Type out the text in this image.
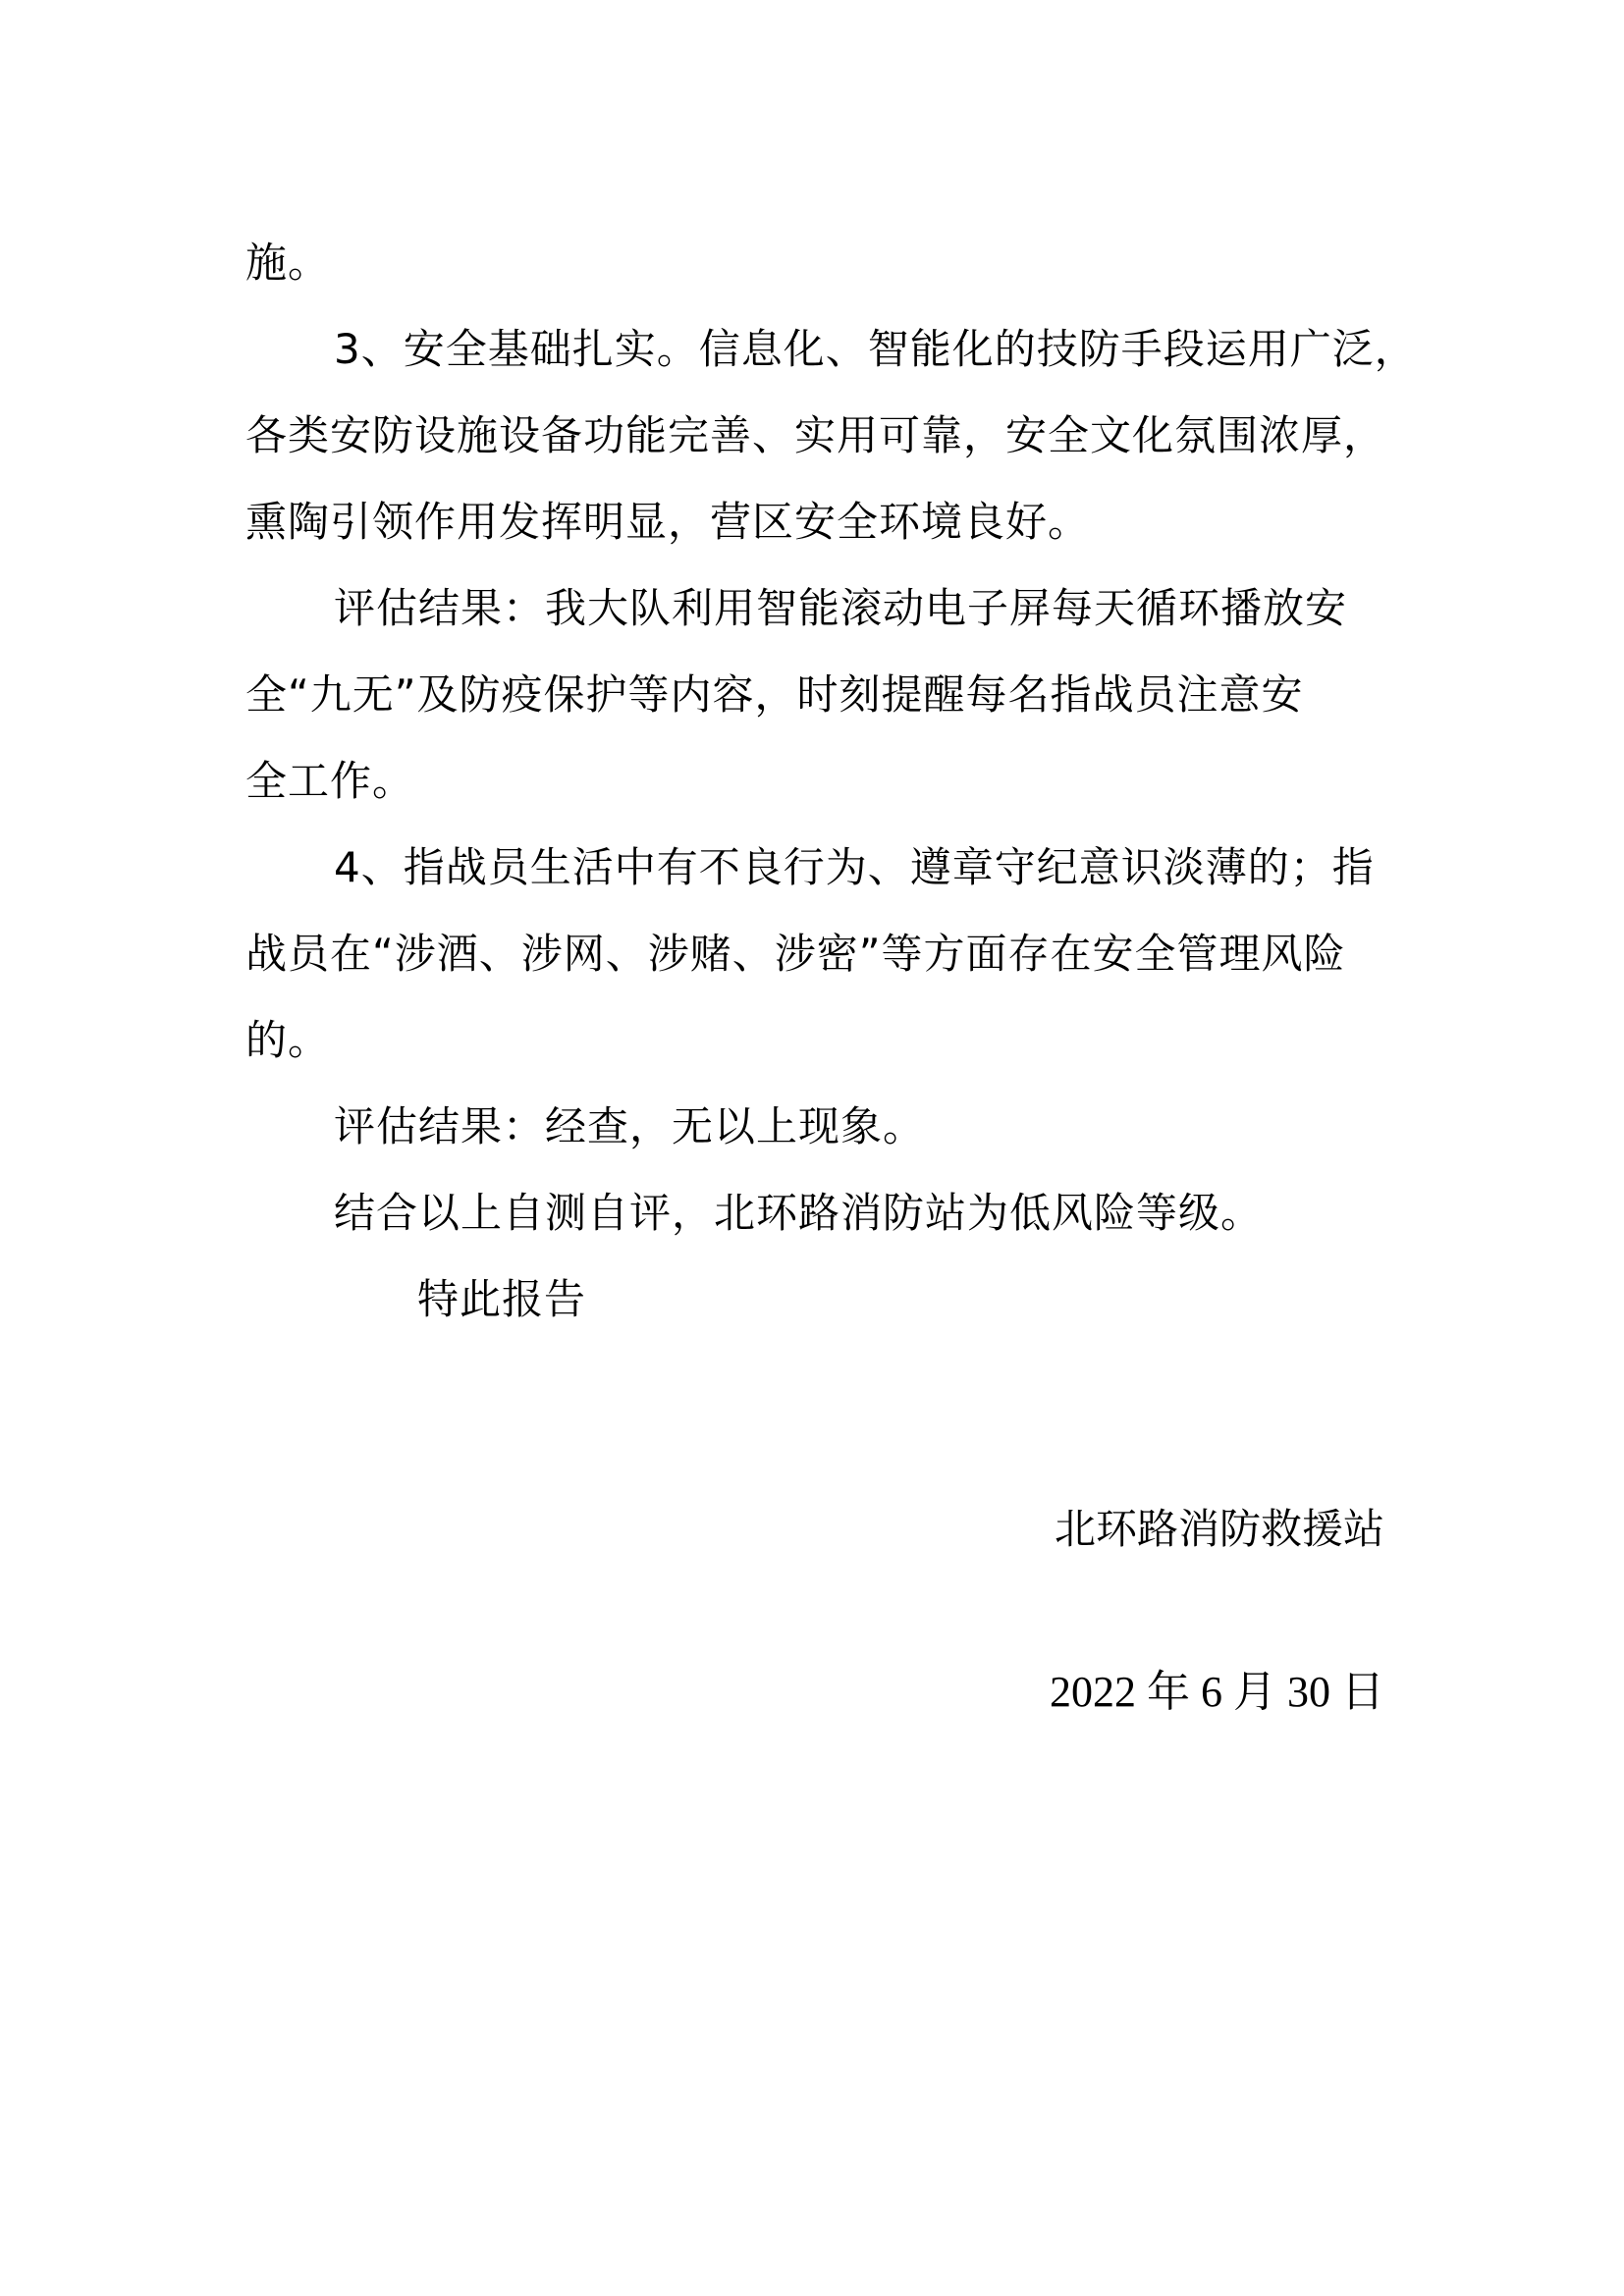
施。
3、安全基础扎实。信息化、智能化的技防手段运用广泛，
各类安防设施设备功能完善、实用可靠，安全文化氛围浓厚，
熏陶引领作用发挥明显，营区安全环境良好。
评估结果：我大队利用智能滚动电子屏每天循环播放安
全“九无”及防疫保护等内容，时刻提醒每名指战员注意安
全工作。
4、指战员生活中有不良行为、遵章守纪意识淡薄的；指
战员在“涉酒、涉网、涉赌、涉密”等方面存在安全管理风险
的。
评估结果：经查，无以上现象。
结合以上自测自评，北环路消防站为低风险等级。
特此报告
北环路消防救援站
2022 年 6 月 30 日
